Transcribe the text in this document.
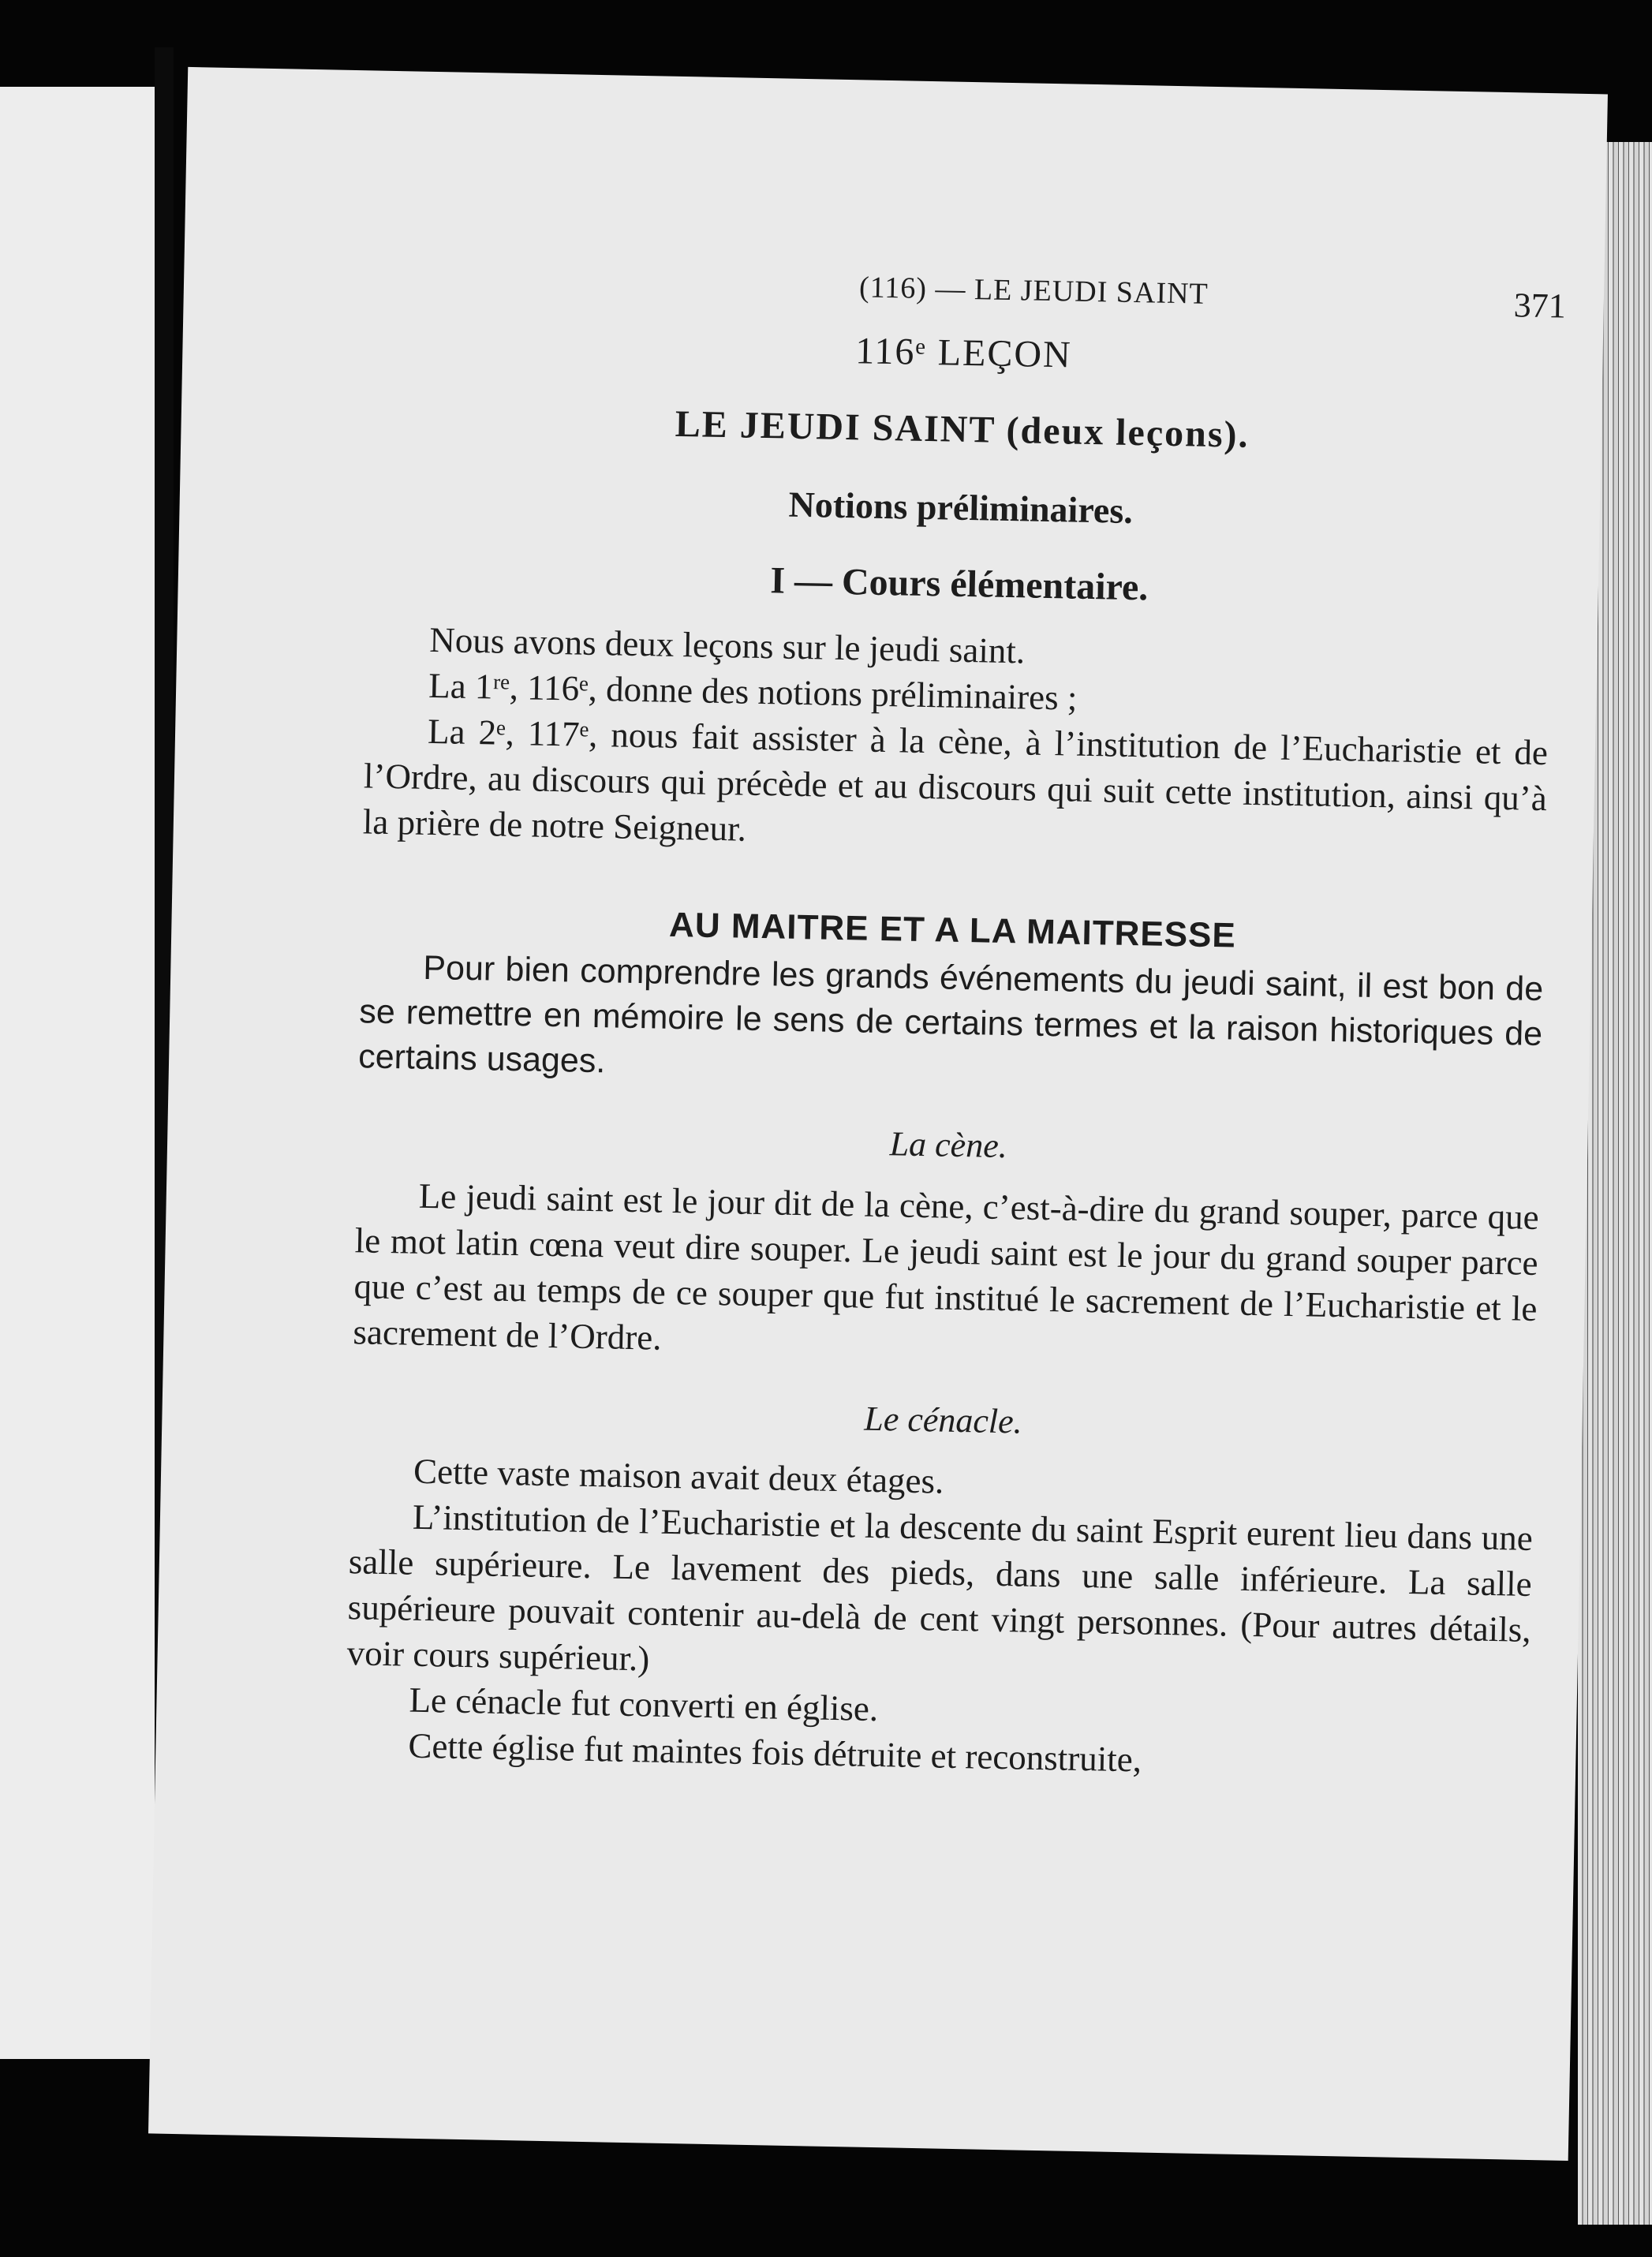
(116) — LE JEUDI SAINT	371
116ᵉ LEÇON
LE JEUDI SAINT (deux leçons).
Notions préliminaires.
I — Cours élémentaire.

Nous avons deux leçons sur le jeudi saint.

La 1ʳᵉ, 116ᵉ, donne des notions préliminaires ;

La 2ᵉ, 117ᵉ, nous fait assister à la cène, à l’institution de l’Eucharistie et de l’Ordre, au discours qui précède et au discours qui suit cette institution, ainsi qu’à la prière de notre Seigneur.

AU MAITRE ET A LA MAITRESSE

Pour bien comprendre les grands événements du jeudi saint, il est bon de se remettre en mémoire le sens de certains termes et la raison historiques de certains usages.

La cène.

Le jeudi saint est le jour dit de la cène, c’est-à-dire du grand souper, parce que le mot latin cœna veut dire souper. Le jeudi saint est le jour du grand souper parce que c’est au temps de ce souper que fut institué le sacrement de l’Eucharistie et le sacrement de l’Ordre.

Le cénacle.

Cette vaste maison avait deux étages.

L’institution de l’Eucharistie et la descente du saint Esprit eurent lieu dans une salle supérieure. Le lavement des pieds, dans une salle inférieure. La salle supérieure pouvait contenir au-delà de cent vingt personnes. (Pour autres détails, voir cours supérieur.)

Le cénacle fut converti en église.

Cette église fut maintes fois détruite et reconstruite,
